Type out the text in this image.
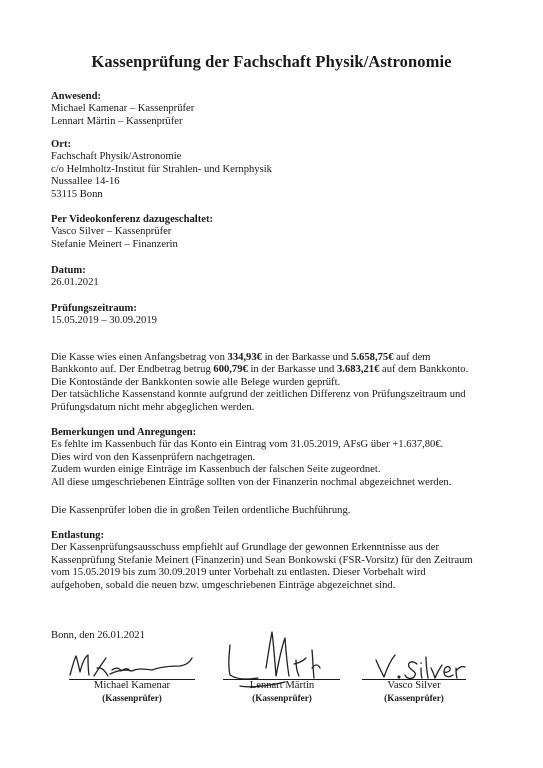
Kassenprüfung der Fachschaft Physik/Astronomie
Anwesend:
Michael Kamenar – Kassenprüfer
Lennart Märtin – Kassenprüfer
Ort:
Fachschaft Physik/Astronomie
c/o Helmholtz-Institut für Strahlen- und Kernphysik
Nussallee 14-16
53115 Bonn
Per Videokonferenz dazugeschaltet:
Vasco Silver – Kassenprüfer
Stefanie Meinert – Finanzerin
Datum:
26.01.2021
Prüfungszeitraum:
15.05.2019 – 30.09.2019
Die Kasse wies einen Anfangsbetrag von 334,93€ in der Barkasse und 5.658,75€ auf dem
Bankkonto auf. Der Endbetrag betrug 600,79€ in der Barkasse und 3.683,21€ auf dem Bankkonto.
Die Kontostände der Bankkonten sowie alle Belege wurden geprüft.
Der tatsächliche Kassenstand konnte aufgrund der zeitlichen Differenz von Prüfungszeitraum und
Prüfungsdatum nicht mehr abgeglichen werden.
Bemerkungen und Anregungen:
Es fehlte im Kassenbuch für das Konto ein Eintrag vom 31.05.2019, AFsG über +1.637,80€.
Dies wird von den Kassenprüfern nachgetragen.
Zudem wurden einige Einträge im Kassenbuch der falschen Seite zugeordnet.
All diese umgeschriebenen Einträge sollten von der Finanzerin nochmal abgezeichnet werden.
Die Kassenprüfer loben die in großen Teilen ordentliche Buchführung.
Entlastung:
Der Kassenprüfungsausschuss empfiehlt auf Grundlage der gewonnen Erkenntnisse aus der
Kassenprüfung Stefanie Meinert (Finanzerin) und Sean Bonkowski (FSR-Vorsitz) für den Zeitraum
vom 15.05.2019 bis zum 30.09.2019 unter Vorbehalt zu entlasten. Dieser Vorbehalt wird
aufgehoben, sobald die neuen bzw. umgeschriebenen Einträge abgezeichnet sind.
Bonn, den 26.01.2021
Michael Kamenar
(Kassenprüfer)
Lennart Märtin
(Kassenprüfer)
Vasco Silver
(Kassenprüfer)
